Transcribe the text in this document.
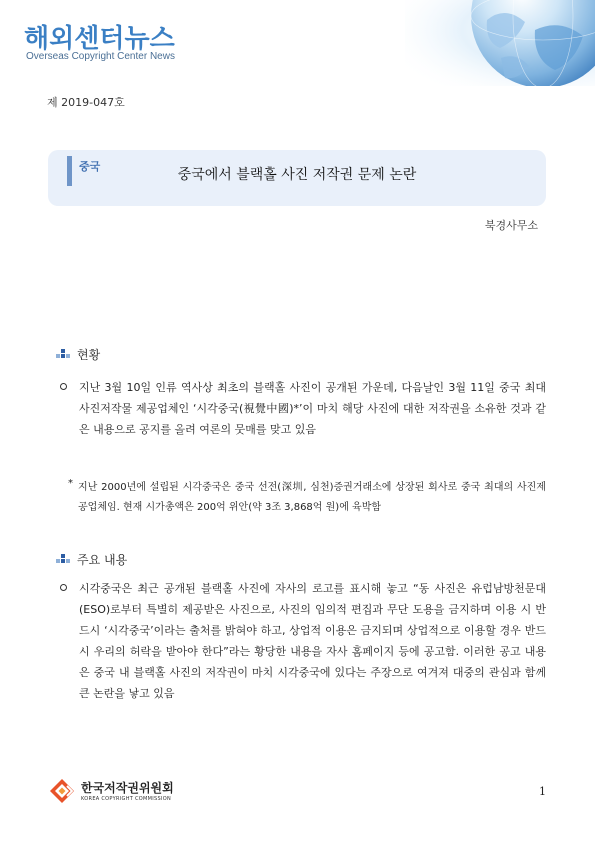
해외센터뉴스
Overseas Copyright Center News
제 2019-047호
중국
중국에서 블랙홀 사진 저작권 문제 논란
북경사무소
현황
지난 3월 10일 인류 역사상 최초의 블랙홀 사진이 공개된 가운데, 다음날인 3월 11일 중국 최대 사진저작물 제공업체인 ‘시각중국(視覺中國)*’이 마치 해당 사진에 대한 저작권을 소유한 것과 같은 내용으로 공지를 올려 여론의 뭇매를 맞고 있음
* 지난 2000년에 설립된 시각중국은 중국 선전(深圳, 심천)증권거래소에 상장된 회사로 중국 최대의 사진제공업체임. 현재 시가총액은 200억 위안(약 3조 3,868억 원)에 육박함
주요 내용
시각중국은 최근 공개된 블랙홀 사진에 자사의 로고를 표시해 놓고 “동 사진은 유럽남방천문대(ESO)로부터 특별히 제공받은 사진으로, 사진의 임의적 편집과 무단 도용을 금지하며 이용 시 반드시 ‘시각중국’이라는 출처를 밝혀야 하고, 상업적 이용은 금지되며 상업적으로 이용할 경우 반드시 우리의 허락을 받아야 한다”라는 황당한 내용을 자사 홈페이지 등에 공고함. 이러한 공고 내용은 중국 내 블랙홀 사진의 저작권이 마치 시각중국에 있다는 주장으로 여겨져 대중의 관심과 함께 큰 논란을 낳고 있음
한국저작권위원회
KOREA COPYRIGHT COMMISSION
1
